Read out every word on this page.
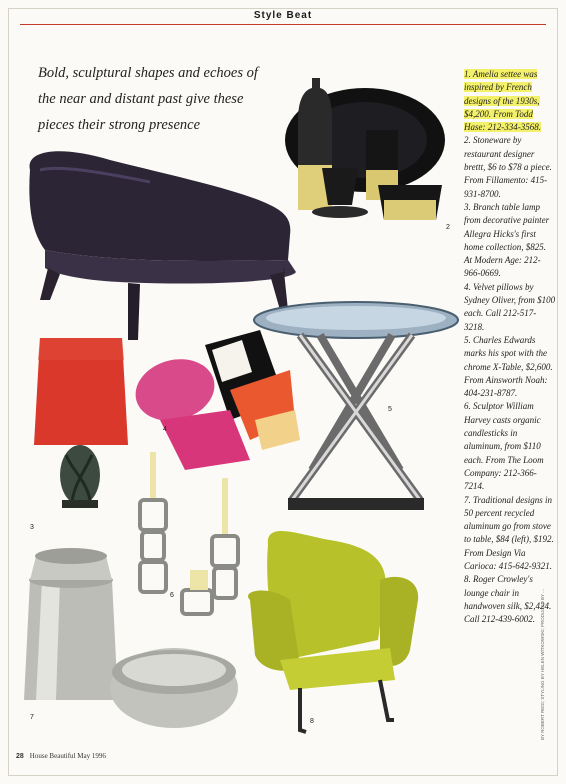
Style Beat
Bold, sculptural shapes and echoes of the near and distant past give these pieces their strong presence

1. Amelia settee was inspired by French designs of the 1930s, $4,200. From Todd Hase: 212-334-3568.

2. Stoneware by restaurant designer brettt, $6 to $78 a piece. From Fillamento: 415-931-8700.

3. Branch table lamp from decorative painter Allegra Hicks's first home collection, $825. At Modern Age: 212-966-0669.

4. Velvet pillows by Sydney Oliver, from $100 each. Call 212-517-3218.

5. Charles Edwards marks his spot with the chrome X-Table, $2,600. From Ainsworth Noah: 404-231-8787.

6. Sculptor William Harvey casts organic candlesticks in aluminum, from $110 each. From The Loom Company: 212-366-7214.

7. Traditional designs in 50 percent recycled aluminum go from stove to table, $84 (left), $192. From Design Via Carioca: 415-642-9321.

8. Roger Crowley's lounge chair in handwoven silk, $2,424. Call 212-439-6002.

1
2
3
4
5
6
7
8
28 House Beautiful May 1996
BY ROBERT REID; STYLING BY HELEN WITKOWSKI; PRODUCED BY ...
